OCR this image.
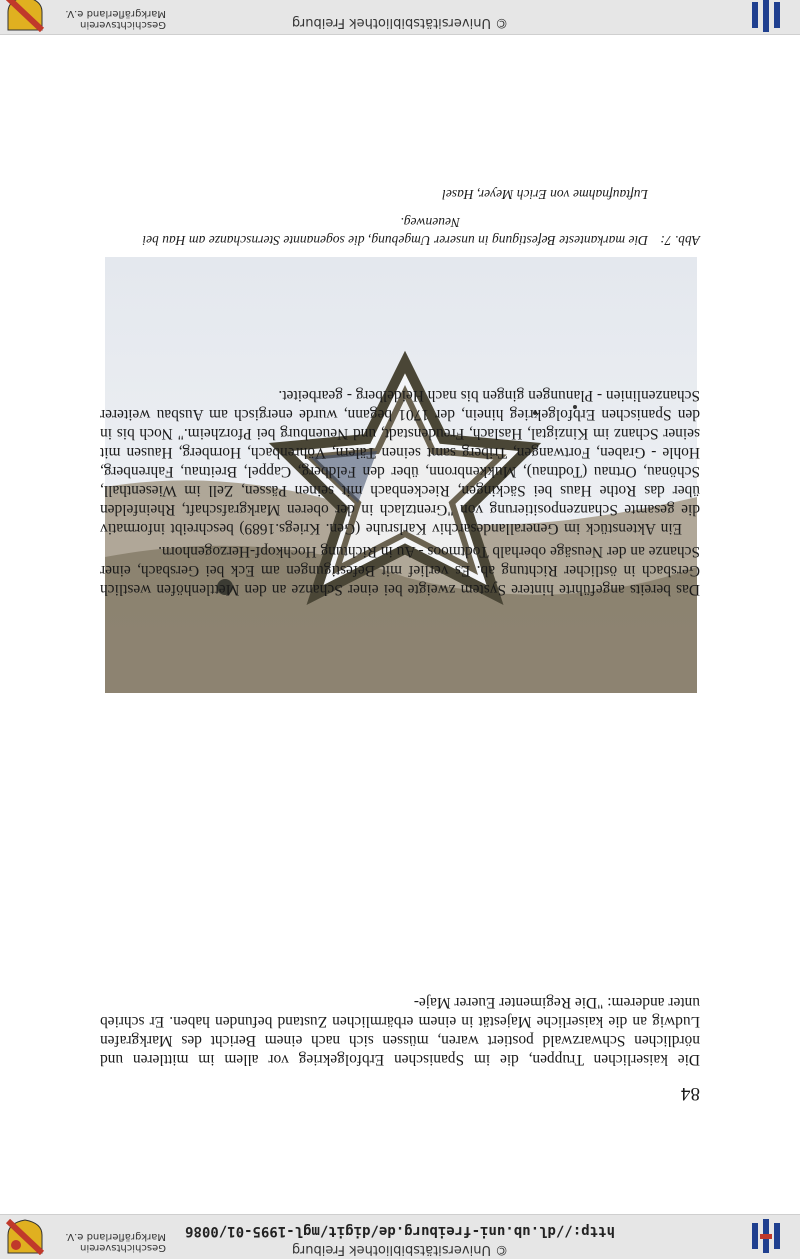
© Universitätsbibliothek Freiburg
http://dl.ub.uni-freiburg.de/digit/mgl-1995-01/0086
Geschichtsverein Markgräflerland e.V.
84

Die kaiserlichen Truppen, die im Spanischen Erbfolgekrieg vor allem im mittleren und nördlichen Schwarzwald postiert waren, müssen sich nach einem Bericht des Markgrafen Ludwig an die kaiserliche Majestät in einem erbärmlichen Zustand befunden haben. Er schrieb unter anderem: "Die Regimenter Euerer Maje-

Abb. 7:Die markanteste Befestigung in unserer Umgebung, die sogenannte Sternschanze am Hau bei
Neuenweg.
Luftaufnahme von Erich Meyer, Hasel
© Universitätsbibliothek Freiburg
Geschichtsverein Markgräflerland e.V.

Das bereits angeführte hintere System zweigte bei einer Schanze an den Mettlenhöfen westlich Gersbach in östlicher Richtung ab. Es verlief mit Befestigungen am Eck bei Gersbach, einer Schanze an der Neusäge oberhalb Todtmoos - Au in Richtung Hochkopf-Herzogenhorn.

Ein Aktenstück im Generallandesarchiv Karlsruhe (Gen. Kriegs.1689) beschreibt informativ die gesamte Schanzenpositierung von "Grentzlach in der oberen Markgrafschaft, Rheinfelden über das Rothe Haus bei Säckingen, Rieckenbach mit seinen Pässen, Zell im Wiesenthall, Schönau, Ortnau (Todtnau), Mukkenbronn, über den Feldberg, Cappel, Breitnau, Fahrenberg, Hohle - Graben, Fortwangen, Triberg samt seinen Tälern, Vöhrenbach, Hornberg, Hausen mit seiner Schanz im Kinzigtal, Haslach, Freudenstadt, und Neuenburg bei Pforzheim." Noch bis in den Spanischen Erbfolgekrieg hinein, der 1701 begann, wurde energisch am Ausbau weiterer Schanzenlinien - Planungen gingen bis nach Heidelberg - gearbeitet.
